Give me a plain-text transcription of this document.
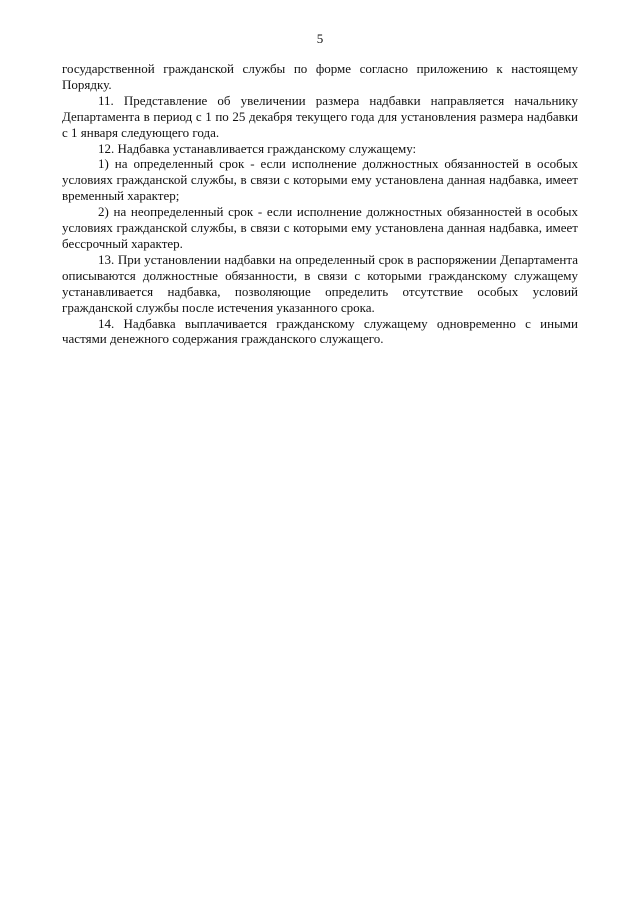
5

государственной гражданской службы по форме согласно приложению к настоящему Порядку.

11. Представление об увеличении размера надбавки направляется начальнику Департамента в период с 1 по 25 декабря текущего года для установления размера надбавки с 1 января следующего года.

12. Надбавка устанавливается гражданскому служащему:

1) на определенный срок - если исполнение должностных обязанностей в особых условиях гражданской службы, в связи с которыми ему установлена данная надбавка, имеет временный характер;

2) на неопределенный срок - если исполнение должностных обязанностей в особых условиях гражданской службы, в связи с которыми ему установлена данная надбавка, имеет бессрочный характер.

13. При установлении надбавки на определенный срок в распоряжении Департамента описываются должностные обязанности, в связи с которыми гражданскому служащему устанавливается надбавка, позволяющие определить отсутствие особых условий гражданской службы после истечения указанного срока.

14. Надбавка выплачивается гражданскому служащему одновременно с иными частями денежного содержания гражданского служащего.
